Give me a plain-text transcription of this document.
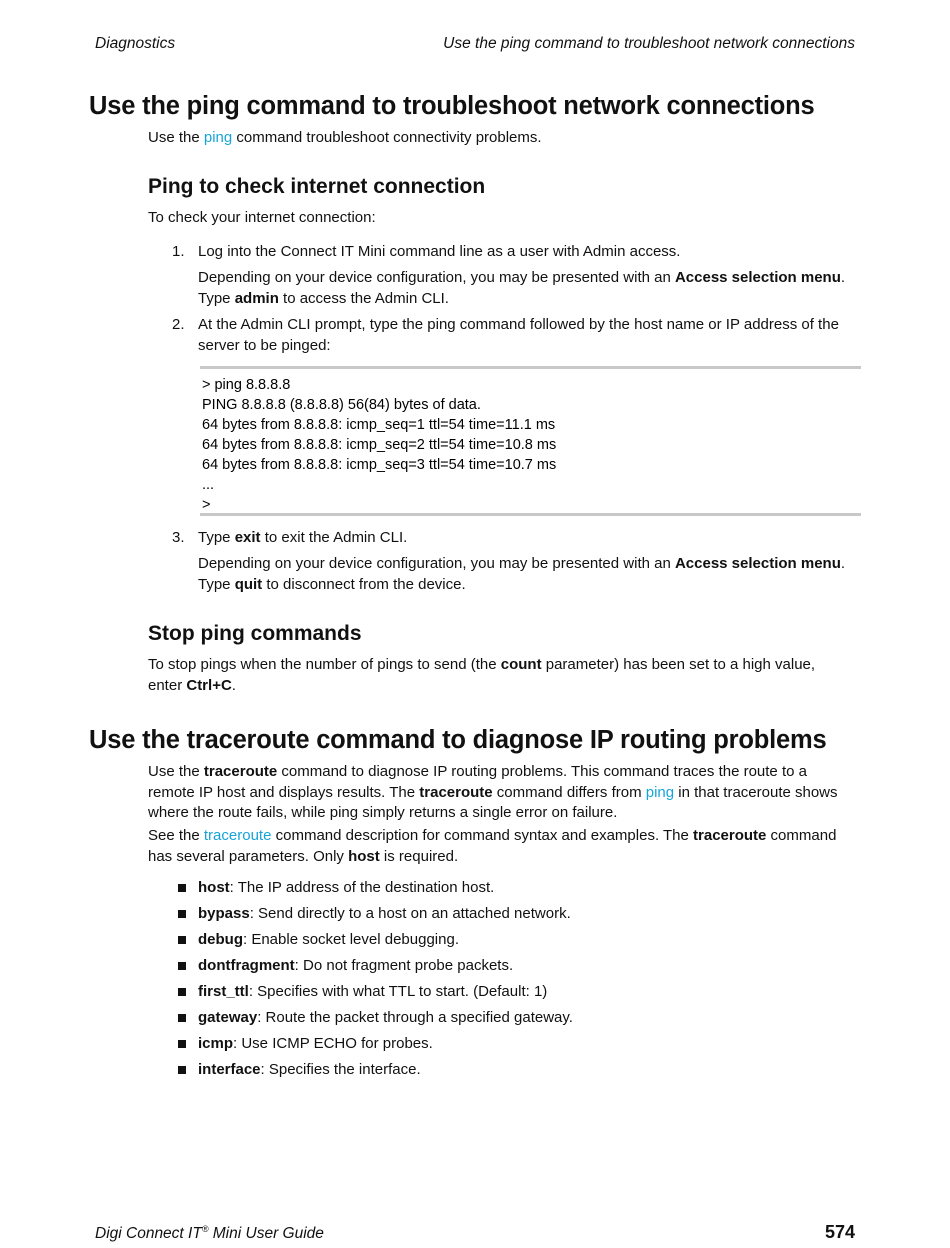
Diagnostics	Use the ping command to troubleshoot network connections
Use the ping command to troubleshoot network connections

Use the ping command troubleshoot connectivity problems.

Ping to check internet connection

To check your internet connection:

1. Log into the Connect IT Mini command line as a user with Admin access.

Depending on your device configuration, you may be presented with an Access selection menu. Type admin to access the Admin CLI.

2. At the Admin CLI prompt, type the ping command followed by the host name or IP address of the server to be pinged:

> ping 8.8.8.8
PING 8.8.8.8 (8.8.8.8) 56(84) bytes of data.
64 bytes from 8.8.8.8: icmp_seq=1 ttl=54 time=11.1 ms
64 bytes from 8.8.8.8: icmp_seq=2 ttl=54 time=10.8 ms
64 bytes from 8.8.8.8: icmp_seq=3 ttl=54 time=10.7 ms
...
>
3. Type exit to exit the Admin CLI.

Depending on your device configuration, you may be presented with an Access selection menu. Type quit to disconnect from the device.

Stop ping commands

To stop pings when the number of pings to send (the count parameter) has been set to a high value, enter Ctrl+C.

Use the traceroute command to diagnose IP routing problems

Use the traceroute command to diagnose IP routing problems. This command traces the route to a remote IP host and displays results. The traceroute command differs from ping in that traceroute shows where the route fails, while ping simply returns a single error on failure.

See the traceroute command description for command syntax and examples. The traceroute command has several parameters. Only host is required.

host: The IP address of the destination host.
bypass: Send directly to a host on an attached network.
debug: Enable socket level debugging.
dontfragment: Do not fragment probe packets.
first_ttl: Specifies with what TTL to start. (Default: 1)
gateway: Route the packet through a specified gateway.
icmp: Use ICMP ECHO for probes.
interface: Specifies the interface.
Digi Connect IT® Mini User Guide	574
